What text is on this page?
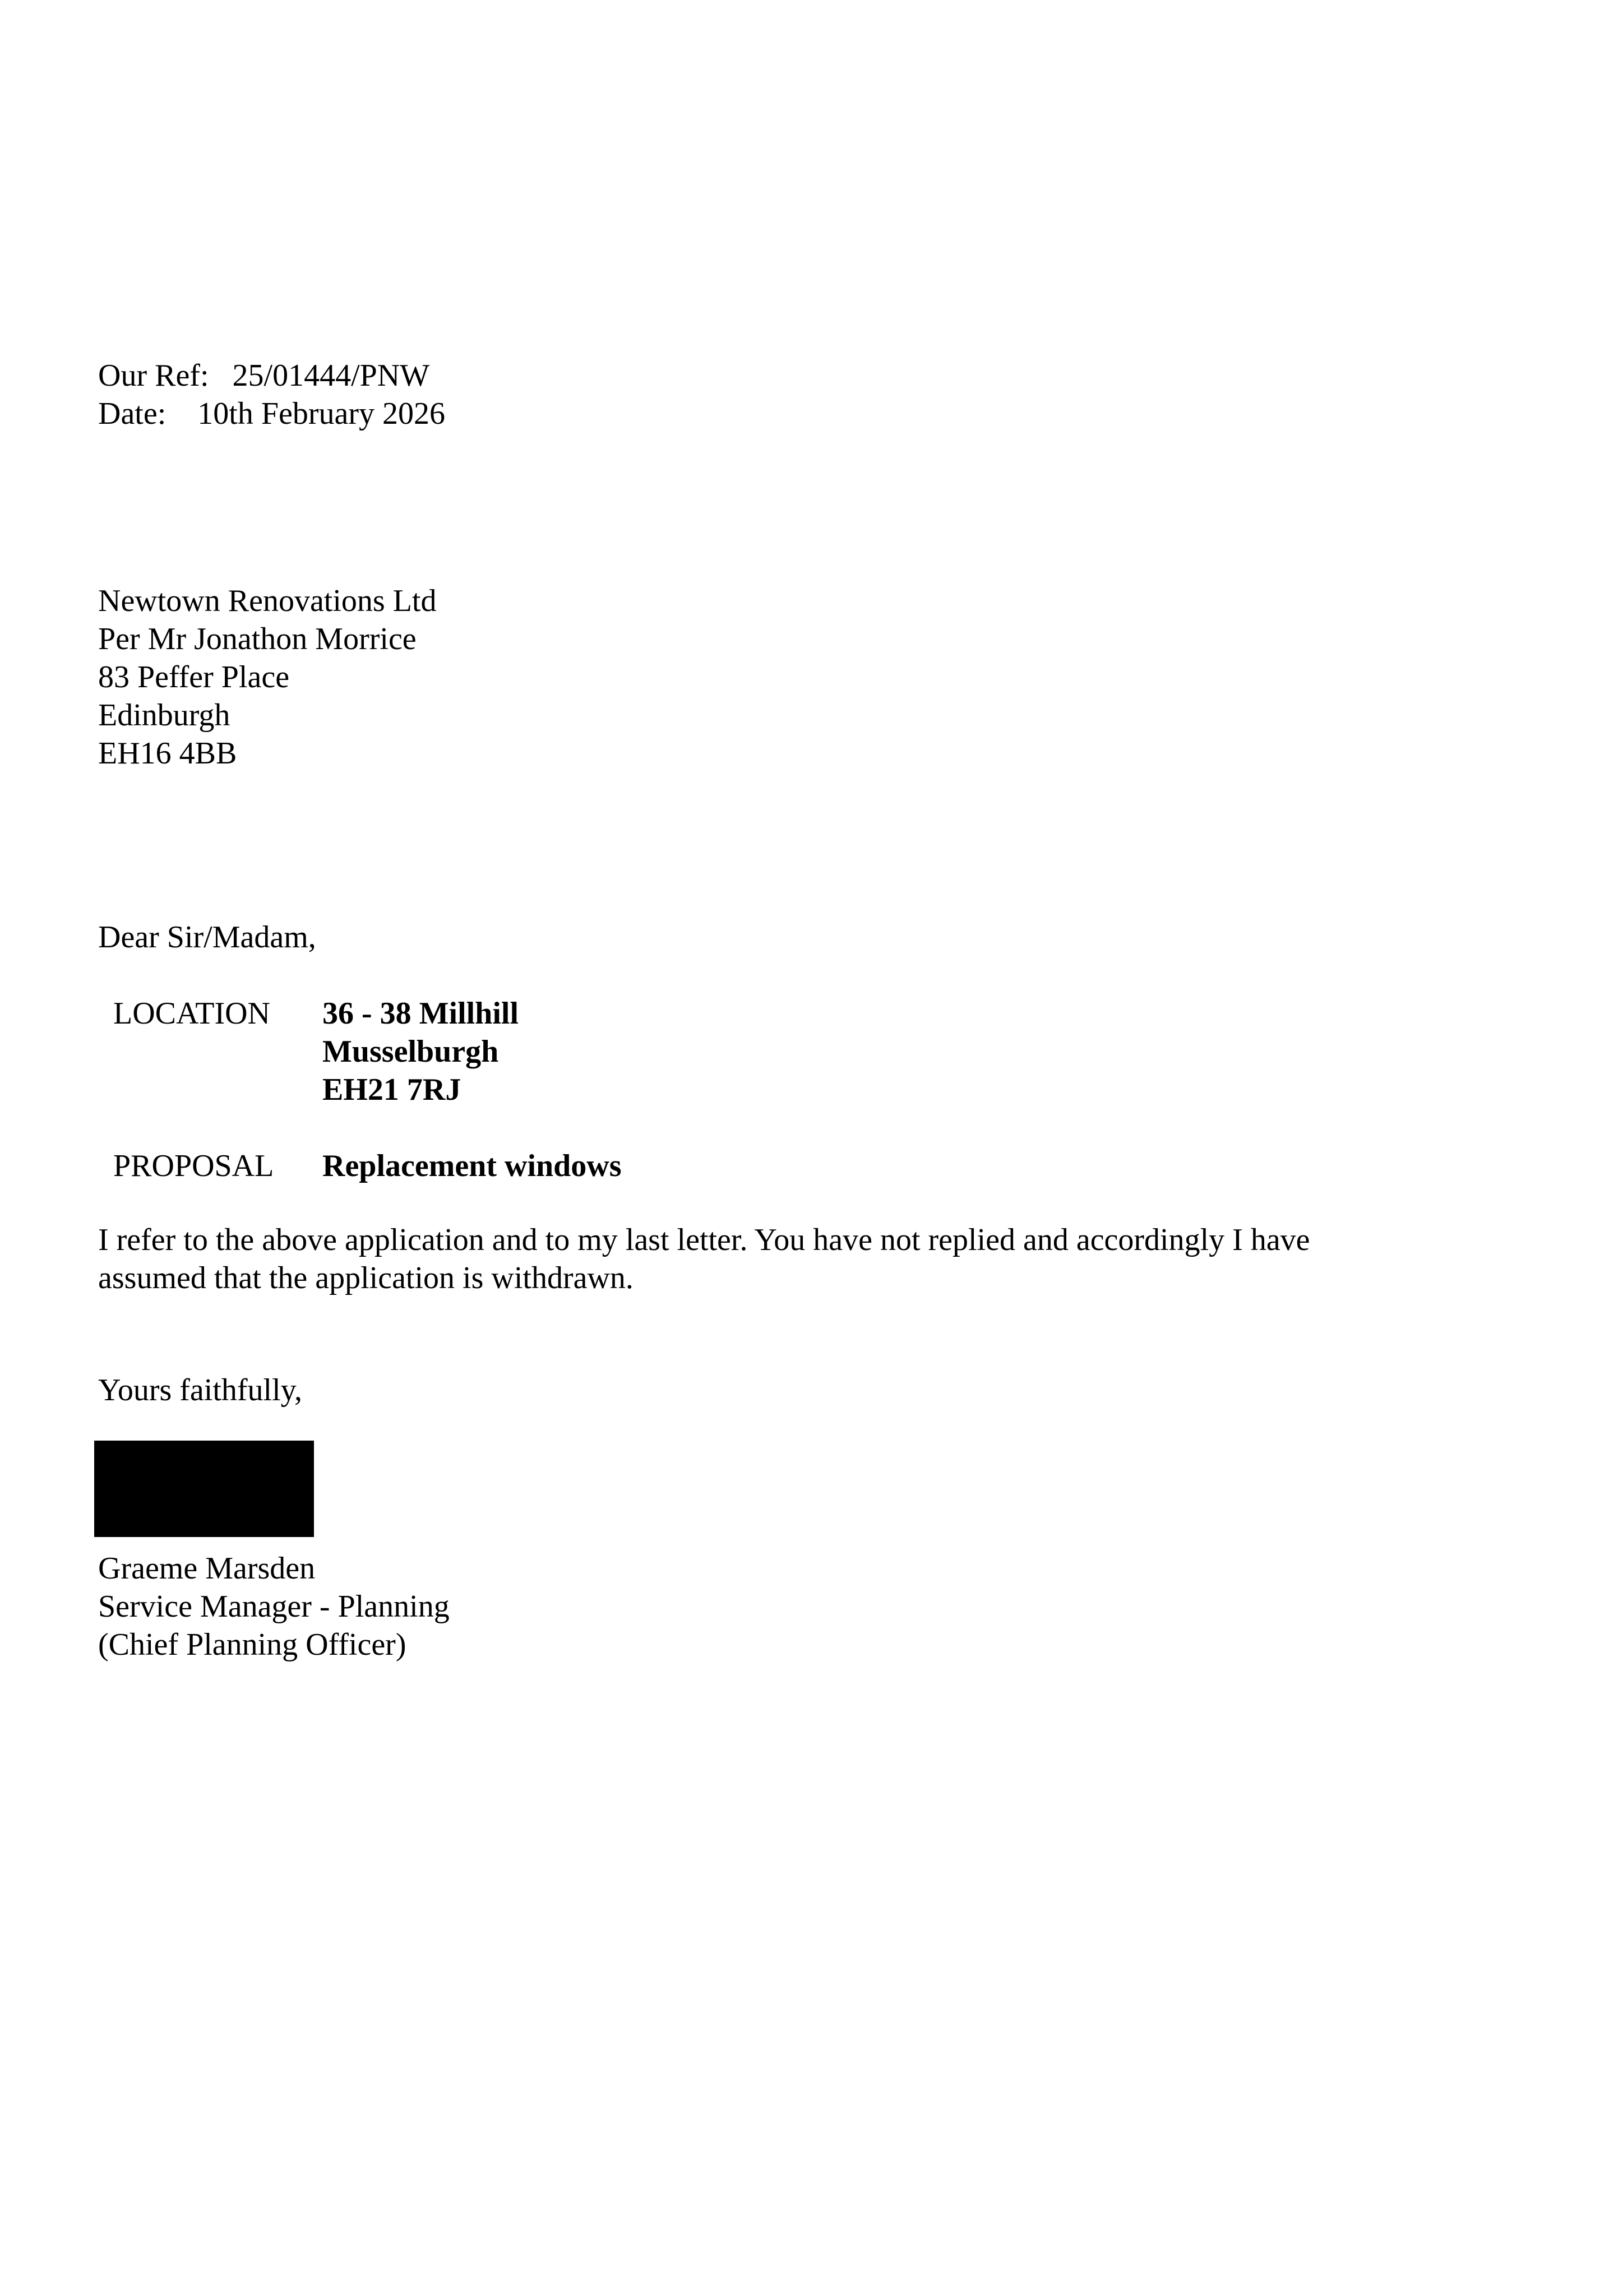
Our Ref: 25/01444/PNW
Date: 10th February 2026
Newtown Renovations Ltd
Per Mr Jonathon Morrice
83 Peffer Place
Edinburgh
EH16 4BB
Dear Sir/Madam,
LOCATION	36 - 38 Millhill
Musselburgh
EH21 7RJ
PROPOSAL	Replacement windows
I refer to the above application and to my last letter. You have not replied and accordingly I have
assumed that the application is withdrawn.
Yours faithfully,
Graeme Marsden
Service Manager - Planning
(Chief Planning Officer)
